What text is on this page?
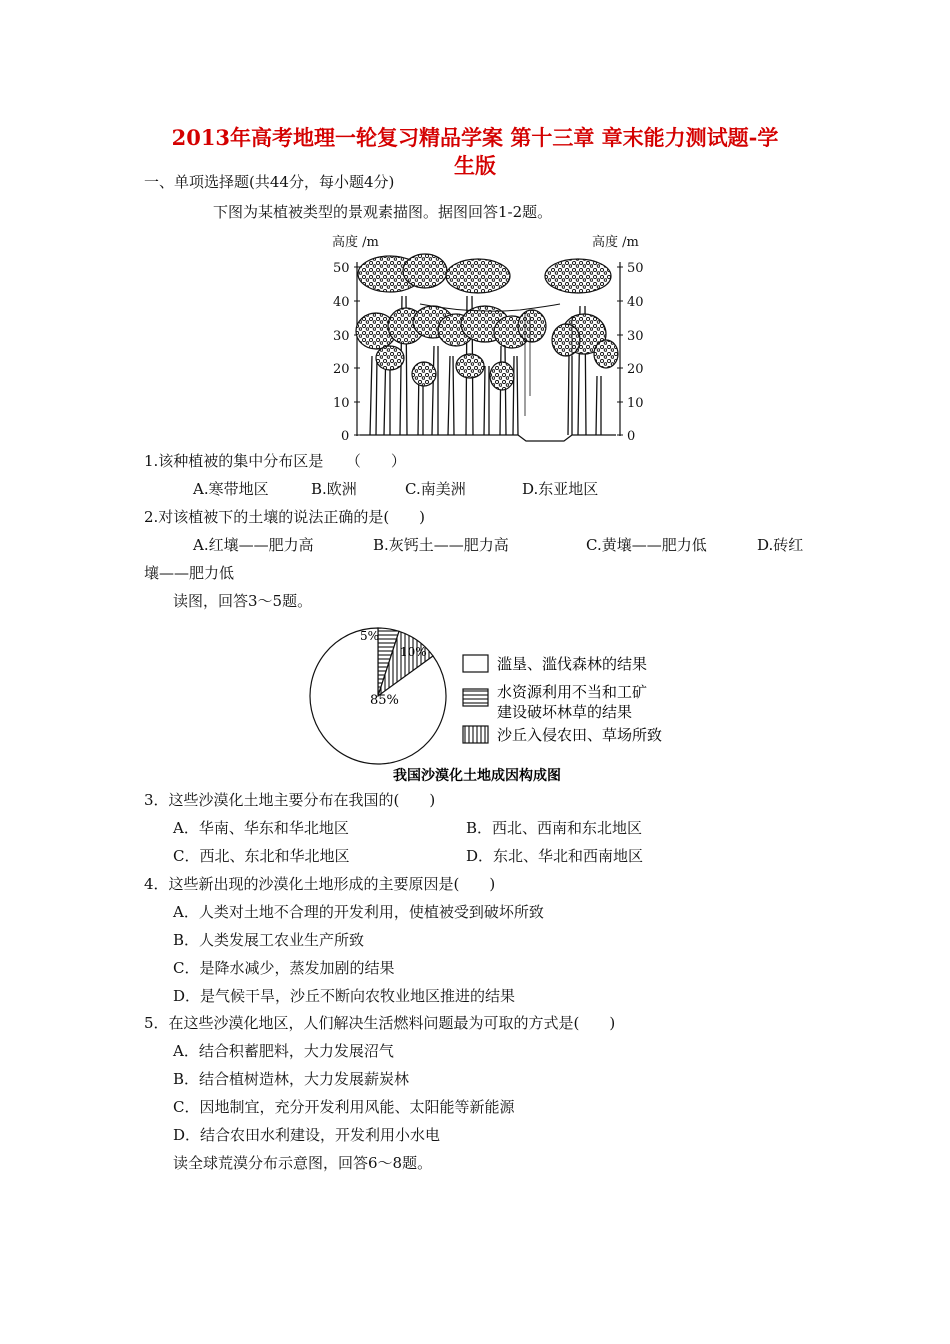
2013年高考地理一轮复习精品学案 第十三章 章末能力测试题-学
生版
一、单项选择题(共44分，每小题4分)
下图为某植被类型的景观素描图。据图回答1-2题。
高度 /m	高度 /m
50
40
30
20
10
0
50
40
30
20
10
0
1.该种植被的集中分布区是　　（　　）
A.寒带地区	B.欧洲	C.南美洲	D.东亚地区
2.对该植被下的土壤的说法正确的是(　　)
A.红壤——肥力高	B.灰钙土——肥力高	C.黄壤——肥力低	D.砖红
壤——肥力低
读图，回答3～5题。
85%
10%
5%
滥垦、滥伐森林的结果
水资源利用不当和工矿
建设破坏林草的结果
沙丘入侵农田、草场所致
我国沙漠化土地成因构成图
3．这些沙漠化土地主要分布在我国的(　　)
A．华南、华东和华北地区	B．西北、西南和东北地区
C．西北、东北和华北地区	D．东北、华北和西南地区
4．这些新出现的沙漠化土地形成的主要原因是(　　)
A．人类对土地不合理的开发利用，使植被受到破坏所致
B．人类发展工农业生产所致
C．是降水减少，蒸发加剧的结果
D．是气候干旱，沙丘不断向农牧业地区推进的结果
5．在这些沙漠化地区，人们解决生活燃料问题最为可取的方式是(　　)
A．结合积蓄肥料，大力发展沼气
B．结合植树造林，大力发展薪炭林
C．因地制宜，充分开发利用风能、太阳能等新能源
D．结合农田水利建设，开发利用小水电
读全球荒漠分布示意图，回答6～8题。
